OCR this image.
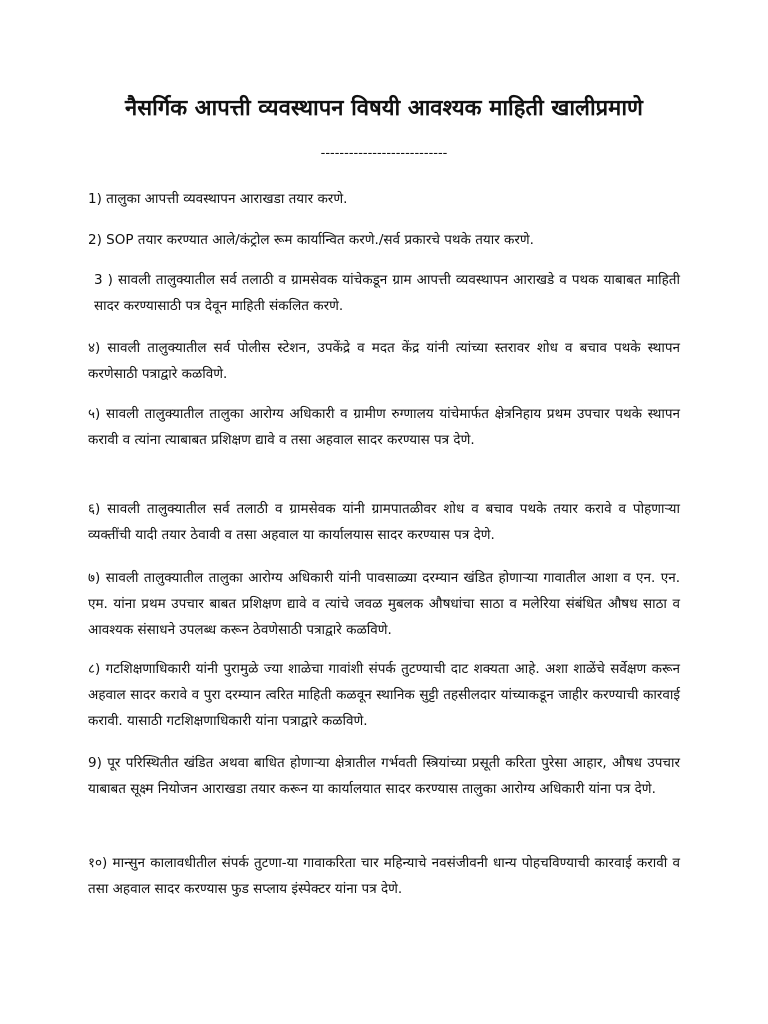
नैसर्गिक आपत्ती व्यवस्थापन विषयी आवश्यक माहिती खालीप्रमाणे
---------------------------

1) तालुका आपत्ती व्यवस्थापन आराखडा तयार करणे.

2) SOP तयार करण्यात आले/कंट्रोल रूम कार्यान्वित करणे./सर्व प्रकारचे पथके तयार करणे.

3 ) सावली तालुक्यातील सर्व तलाठी व ग्रामसेवक यांचेकडून ग्राम आपत्ती व्यवस्थापन आराखडे व पथक याबाबत माहिती सादर करण्यासाठी पत्र देवून माहिती संकलित करणे.

४) सावली तालुक्यातील सर्व पोलीस स्टेशन, उपकेंद्रे व मदत केंद्र यांनी त्यांच्या स्तरावर शोध व बचाव पथके स्थापन करणेसाठी पत्राद्वारे कळविणे.

५) सावली तालुक्यातील तालुका आरोग्य अधिकारी व ग्रामीण रुग्णालय यांचेमार्फत क्षेत्रनिहाय प्रथम उपचार पथके स्थापन करावी व त्यांना त्याबाबत प्रशिक्षण द्यावे व तसा अहवाल सादर करण्यास पत्र देणे.

६) सावली तालुक्यातील सर्व तलाठी व ग्रामसेवक यांनी ग्रामपातळीवर शोध व बचाव पथके तयार करावे व पोहणाऱ्या व्यक्तींची यादी तयार ठेवावी व तसा अहवाल या कार्यालयास सादर करण्यास पत्र देणे.

७) सावली तालुक्यातील तालुका आरोग्य अधिकारी यांनी पावसाळ्या दरम्यान खंडित होणाऱ्या गावातील आशा व एन. एन. एम. यांना प्रथम उपचार बाबत प्रशिक्षण द्यावे व त्यांचे जवळ मुबलक औषधांचा साठा व मलेरिया संबंधित औषध साठा व आवश्यक संसाधने उपलब्ध करून ठेवणेसाठी पत्राद्वारे कळविणे.

८) गटशिक्षणाधिकारी यांनी पुरामुळे ज्या शाळेचा गावांशी संपर्क तुटण्याची दाट शक्यता आहे. अशा शाळेंचे सर्वेक्षण करून अहवाल सादर करावे व पुरा दरम्यान त्वरित माहिती कळवून स्थानिक सुट्टी तहसीलदार यांच्याकडून जाहीर करण्याची कारवाई करावी. यासाठी गटशिक्षणाधिकारी यांना पत्राद्वारे कळविणे.

9) पूर परिस्थितीत खंडित अथवा बाधित होणाऱ्या क्षेत्रातील गर्भवती स्त्रियांच्या प्रसूती करिता पुरेसा आहार, औषध उपचार याबाबत सूक्ष्म नियोजन आराखडा तयार करून या कार्यालयात सादर करण्यास तालुका आरोग्य अधिकारी यांना पत्र देणे.

१०) मान्सुन कालावधीतील संपर्क तुटणा-या गावाकरिता चार महिन्याचे नवसंजीवनी धान्य पोहचविण्याची कारवाई करावी व तसा अहवाल सादर करण्यास फुड सप्लाय इंस्पेक्टर यांना पत्र देणे.
